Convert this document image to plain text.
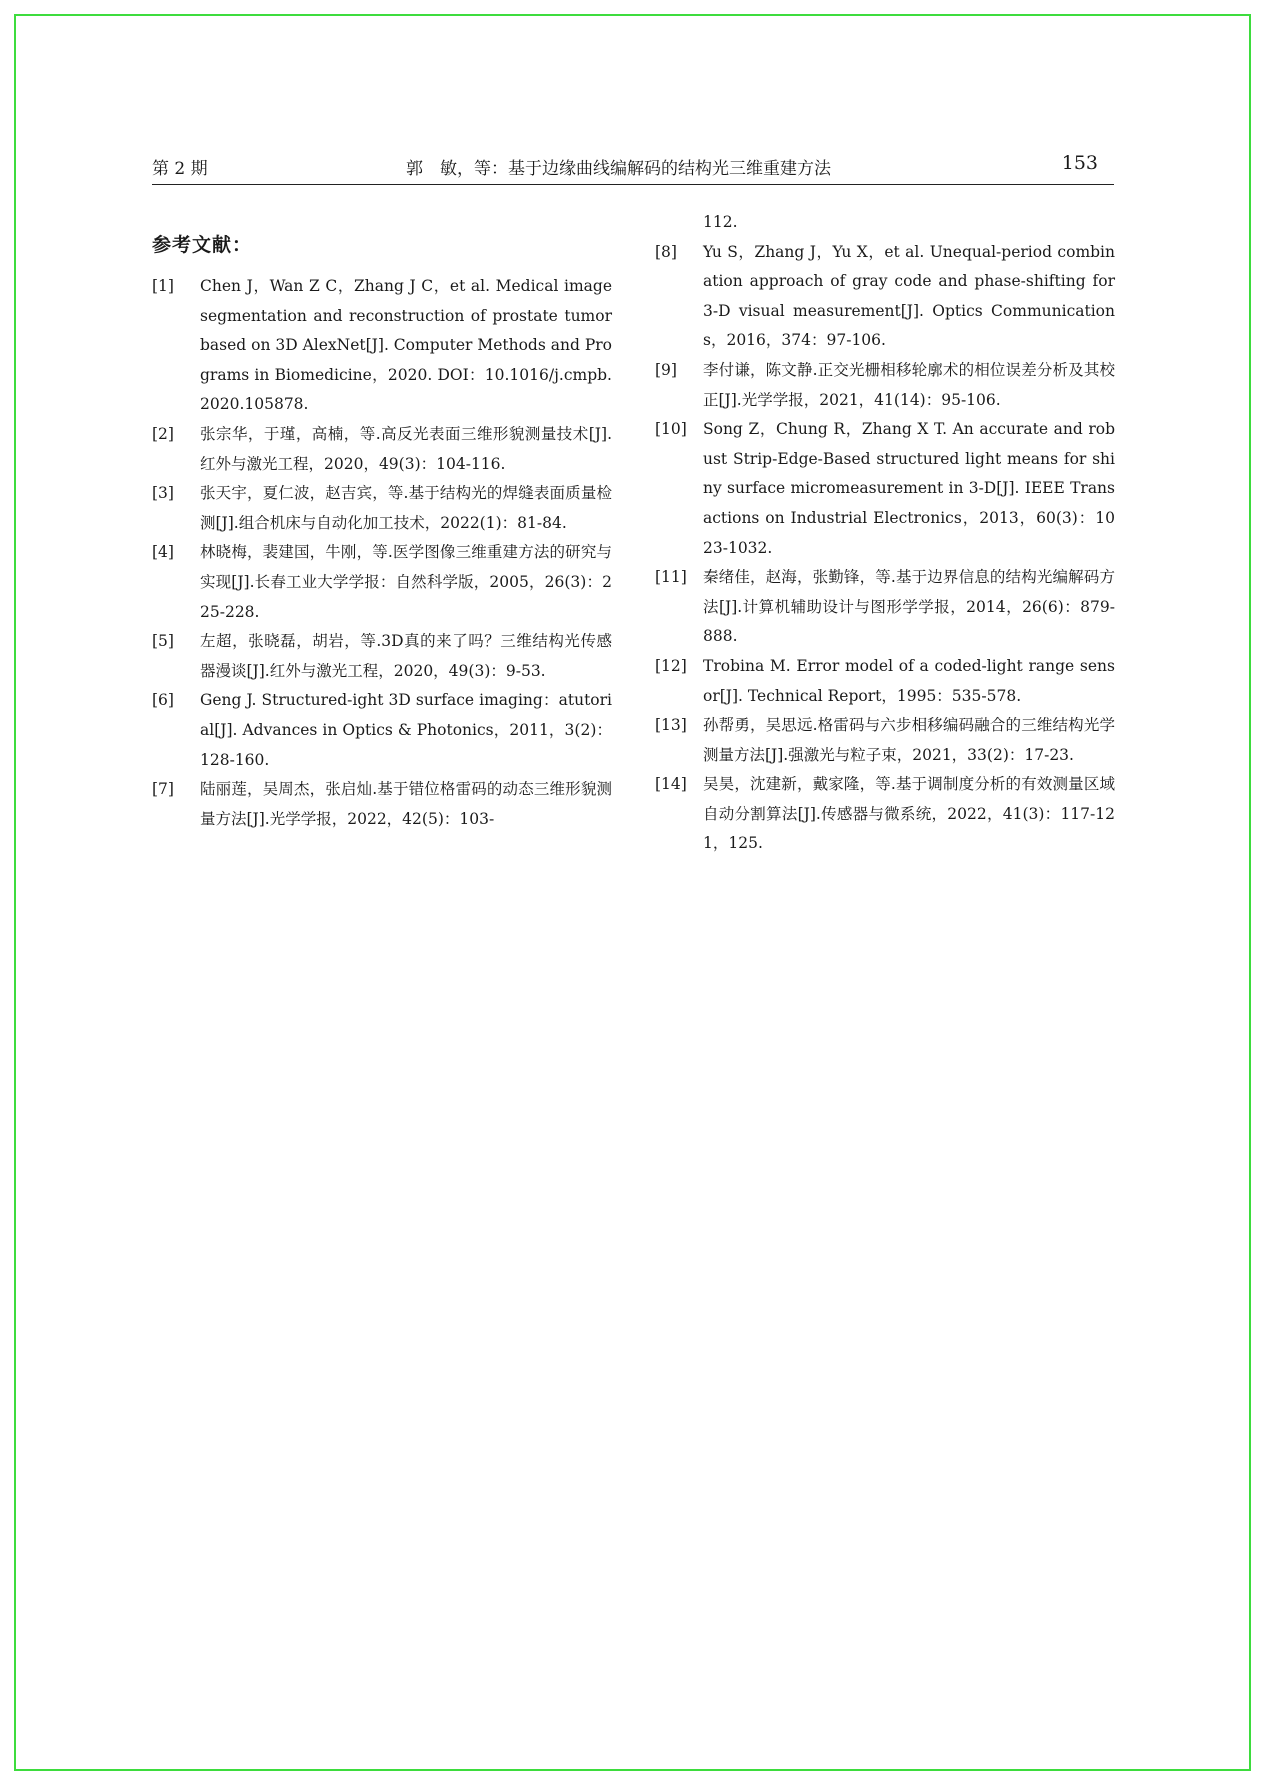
第 2 期	郭　敏，等：基于边缘曲线编解码的结构光三维重建方法	153
参考文献：
[1]	Chen J，Wan Z C，Zhang J C，et al. Medical image segmentation and reconstruction of prostate tumor based on 3D AlexNet[J]. Computer Methods and Programs in Biomedicine，2020. DOI：10.1016/j.cmpb.2020.105878.
[2]	张宗华，于瑾，高楠，等.高反光表面三维形貌测量技术[J].红外与激光工程，2020，49(3)：104-116.
[3]	张天宇，夏仁波，赵吉宾，等.基于结构光的焊缝表面质量检测[J].组合机床与自动化加工技术，2022(1)：81-84.
[4]	林晓梅，裴建国，牛刚，等.医学图像三维重建方法的研究与实现[J].长春工业大学学报：自然科学版，2005，26(3)：225-228.
[5]	左超，张晓磊，胡岩，等.3D真的来了吗？三维结构光传感器漫谈[J].红外与激光工程，2020，49(3)：9-53.
[6]	Geng J. Structured-ight 3D surface imaging：atutorial[J]. Advances in Optics & Photonics，2011，3(2)：128-160.
[7]	陆丽莲，吴周杰，张启灿.基于错位格雷码的动态三维形貌测量方法[J].光学学报，2022，42(5)：103-
112.
[8]	Yu S，Zhang J，Yu X，et al. Unequal-period combination approach of gray code and phase-shifting for 3-D visual measurement[J]. Optics Communications，2016，374：97-106.
[9]	李付谦，陈文静.正交光栅相移轮廓术的相位误差分析及其校正[J].光学学报，2021，41(14)：95-106.
[10]	Song Z，Chung R，Zhang X T. An accurate and robust Strip-Edge-Based structured light means for shiny surface micromeasurement in 3-D[J]. IEEE Transactions on Industrial Electronics，2013，60(3)：1023-1032.
[11]	秦绪佳，赵海，张勤锋，等.基于边界信息的结构光编解码方法[J].计算机辅助设计与图形学学报，2014，26(6)：879-888.
[12]	Trobina M. Error model of a coded-light range sensor[J]. Technical Report，1995：535-578.
[13]	孙帮勇，吴思远.格雷码与六步相移编码融合的三维结构光学测量方法[J].强激光与粒子束，2021，33(2)：17-23.
[14]	吴昊，沈建新，戴家隆，等.基于调制度分析的有效测量区域自动分割算法[J].传感器与微系统，2022，41(3)：117-121，125.
